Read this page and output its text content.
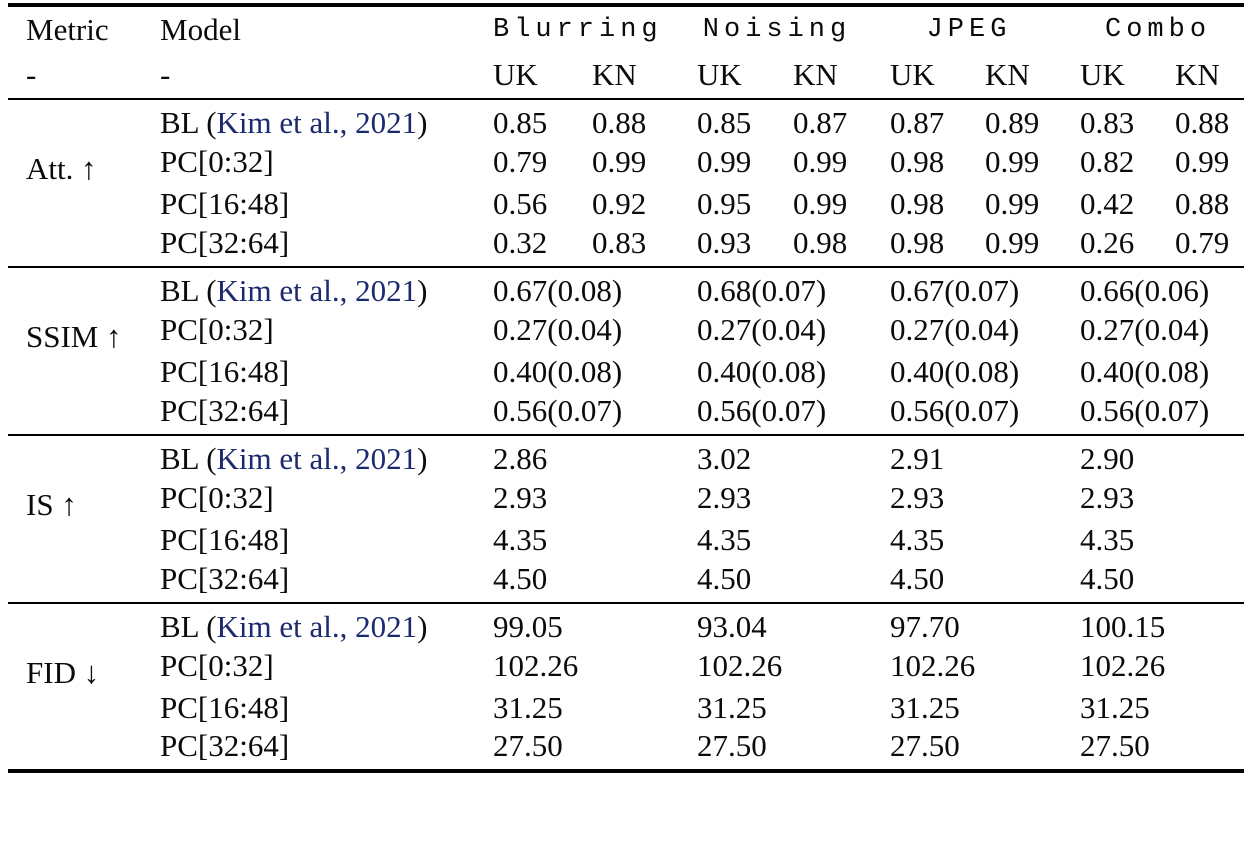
Metric	Model	Blurring		Noising		JPEG		Combo	
-	-	UK	KN	UK	KN	UK	KN	UK	KN

Att. ↑	BL (Kim et al., 2021)	0.85	0.88	0.85	0.87	0.87	0.89	0.83	0.88
	PC[0:32]	0.79	0.99	0.99	0.99	0.98	0.99	0.82	0.99
	PC[16:48]	0.56	0.92	0.95	0.99	0.98	0.99	0.42	0.88
	PC[32:64]	0.32	0.83	0.93	0.98	0.98	0.99	0.26	0.79

SSIM ↑	BL (Kim et al., 2021)	0.67(0.08)		0.68(0.07)		0.67(0.07)		0.66(0.06)	
	PC[0:32]	0.27(0.04)		0.27(0.04)		0.27(0.04)		0.27(0.04)	
	PC[16:48]	0.40(0.08)		0.40(0.08)		0.40(0.08)		0.40(0.08)	
	PC[32:64]	0.56(0.07)		0.56(0.07)		0.56(0.07)		0.56(0.07)	

IS ↑	BL (Kim et al., 2021)	2.86		3.02		2.91		2.90	
	PC[0:32]	2.93		2.93		2.93		2.93	
	PC[16:48]	4.35		4.35		4.35		4.35	
	PC[32:64]	4.50		4.50		4.50		4.50	

FID ↓	BL (Kim et al., 2021)	99.05		93.04		97.70		100.15	
	PC[0:32]	102.26		102.26		102.26		102.26	
	PC[16:48]	31.25		31.25		31.25		31.25	
	PC[32:64]	27.50		27.50		27.50		27.50	
